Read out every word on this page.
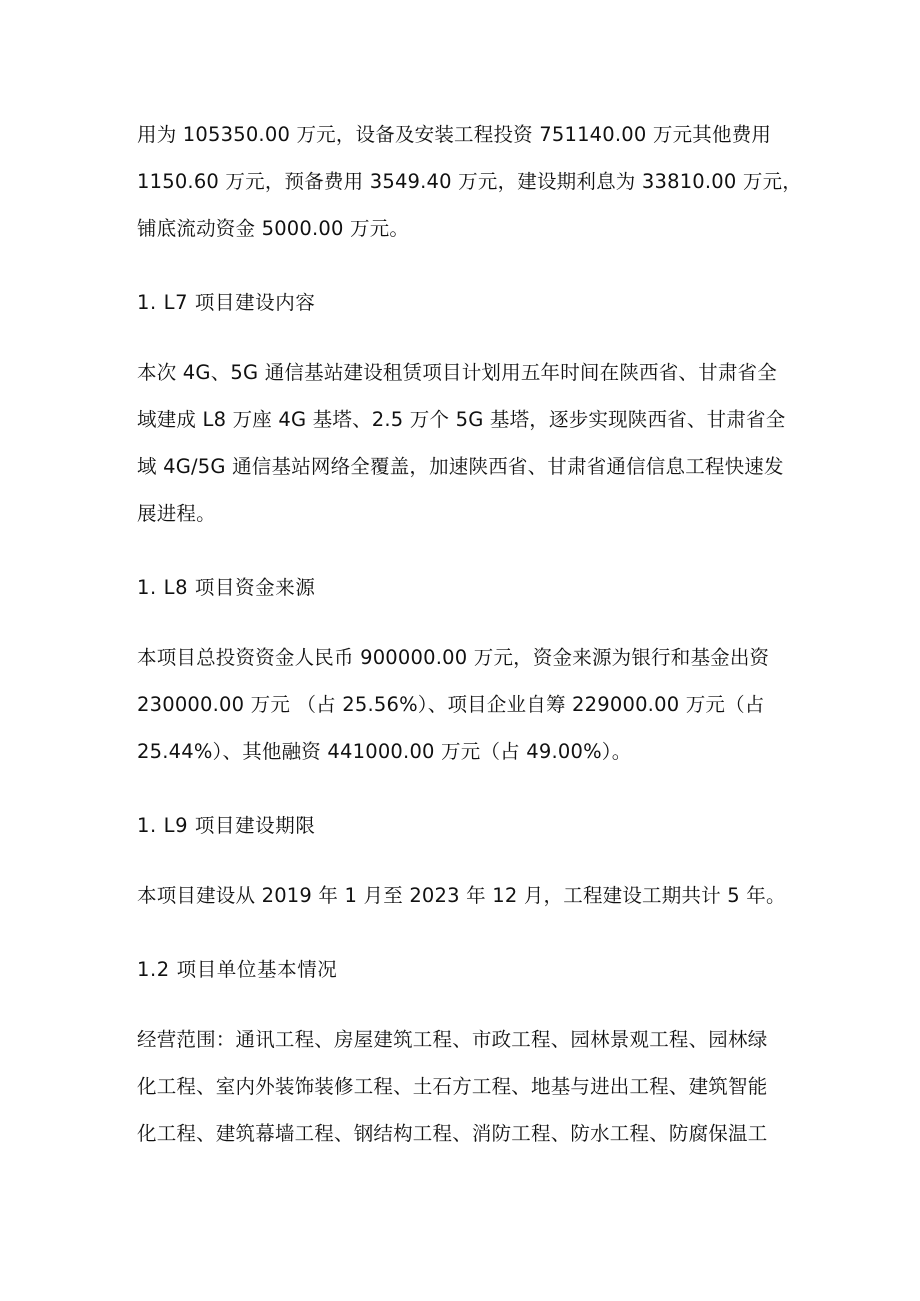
用为 105350.00 万元，设备及安装工程投资 751140.00 万元其他费用

1150.60 万元，预备费用 3549.40 万元，建设期利息为 33810.00 万元，

铺底流动资金 5000.00 万元。

1. L7 项目建设内容

本次 4G、5G 通信基站建设租赁项目计划用五年时间在陕西省、甘肃省全

域建成 L8 万座 4G 基塔、2.5 万个 5G 基塔，逐步实现陕西省、甘肃省全

域 4G/5G 通信基站网络全覆盖，加速陕西省、甘肃省通信信息工程快速发

展进程。

1. L8 项目资金来源

本项目总投资资金人民币 900000.00 万元，资金来源为银行和基金出资

230000.00 万元 （占 25.56%）、项目企业自筹 229000.00 万元（占

25.44%）、其他融资 441000.00 万元（占 49.00%）。

1. L9 项目建设期限

本项目建设从 2019 年 1 月至 2023 年 12 月，工程建设工期共计 5 年。

1.2 项目单位基本情况

经营范围：通讯工程、房屋建筑工程、市政工程、园林景观工程、园林绿

化工程、室内外装饰装修工程、土石方工程、地基与进出工程、建筑智能

化工程、建筑幕墙工程、钢结构工程、消防工程、防水工程、防腐保温工
